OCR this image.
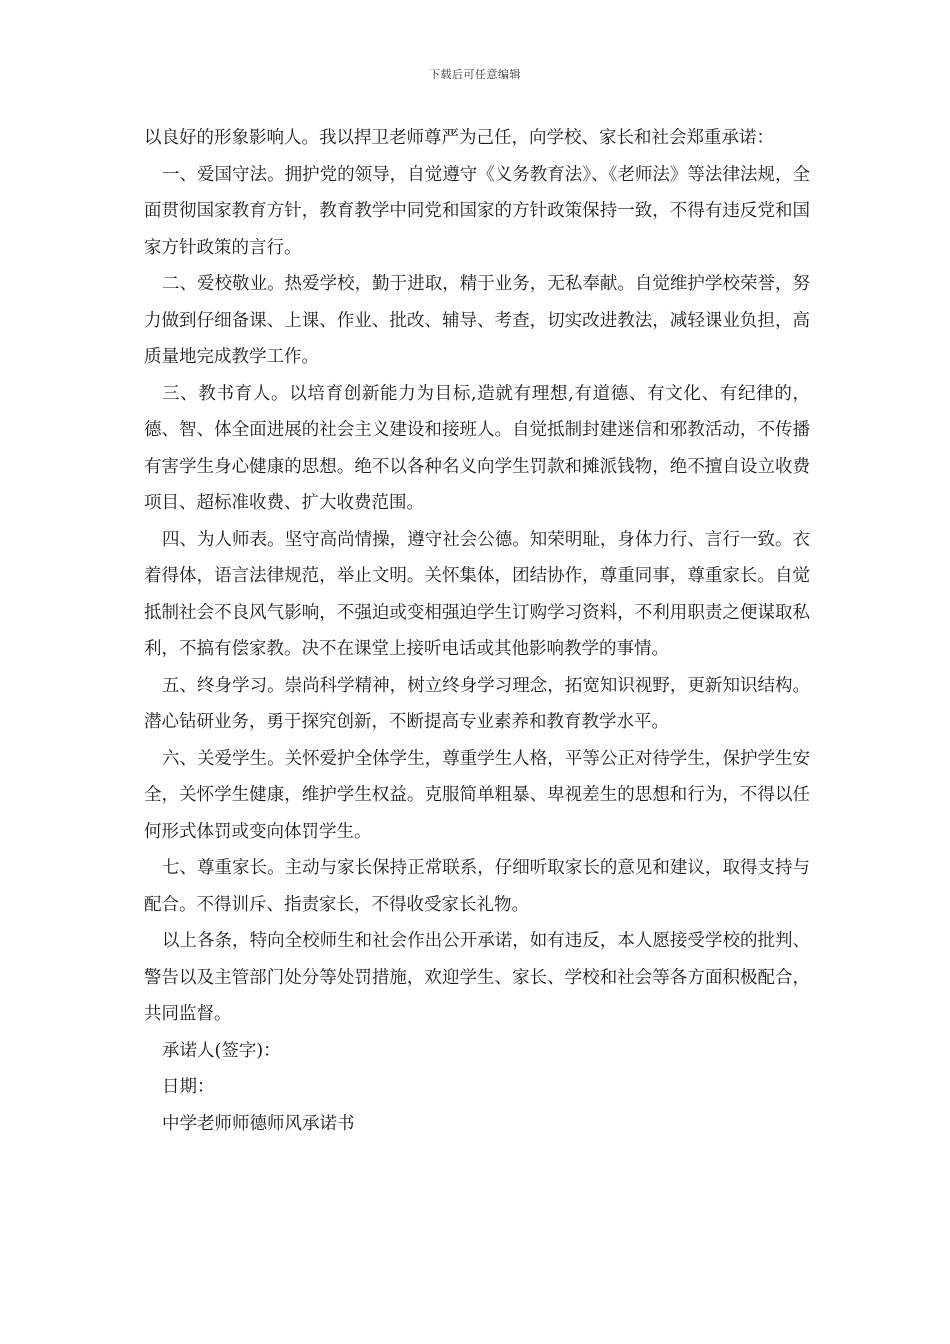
下载后可任意编辑

以良好的形象影响人。我以捍卫老师尊严为己任，向学校、家长和社会郑重承诺：

一、爱国守法。拥护党的领导，自觉遵守《义务教育法》、《老师法》等法律法规，全面贯彻国家教育方针，教育教学中同党和国家的方针政策保持一致，不得有违反党和国家方针政策的言行。

二、爱校敬业。热爱学校，勤于进取，精于业务，无私奉献。自觉维护学校荣誉，努力做到仔细备课、上课、作业、批改、辅导、考查，切实改进教法，减轻课业负担，高质量地完成教学工作。

三、教书育人。以培育创新能力为目标,造就有理想,有道德、有文化、有纪律的，德、智、体全面进展的社会主义建设和接班人。自觉抵制封建迷信和邪教活动，不传播有害学生身心健康的思想。绝不以各种名义向学生罚款和摊派钱物，绝不擅自设立收费项目、超标准收费、扩大收费范围。

四、为人师表。坚守高尚情操，遵守社会公德。知荣明耻，身体力行、言行一致。衣着得体，语言法律规范，举止文明。关怀集体，团结协作，尊重同事，尊重家长。自觉抵制社会不良风气影响，不强迫或变相强迫学生订购学习资料，不利用职责之便谋取私利，不搞有偿家教。决不在课堂上接听电话或其他影响教学的事情。

五、终身学习。崇尚科学精神，树立终身学习理念，拓宽知识视野，更新知识结构。潜心钻研业务，勇于探究创新，不断提高专业素养和教育教学水平。

六、关爱学生。关怀爱护全体学生，尊重学生人格，平等公正对待学生，保护学生安全，关怀学生健康，维护学生权益。克服简单粗暴、卑视差生的思想和行为，不得以任何形式体罚或变向体罚学生。

七、尊重家长。主动与家长保持正常联系，仔细听取家长的意见和建议，取得支持与配合。不得训斥、指责家长，不得收受家长礼物。

以上各条，特向全校师生和社会作出公开承诺，如有违反，本人愿接受学校的批判、警告以及主管部门处分等处罚措施，欢迎学生、家长、学校和社会等各方面积极配合，共同监督。

承诺人(签字)：

日期：

中学老师师德师风承诺书
